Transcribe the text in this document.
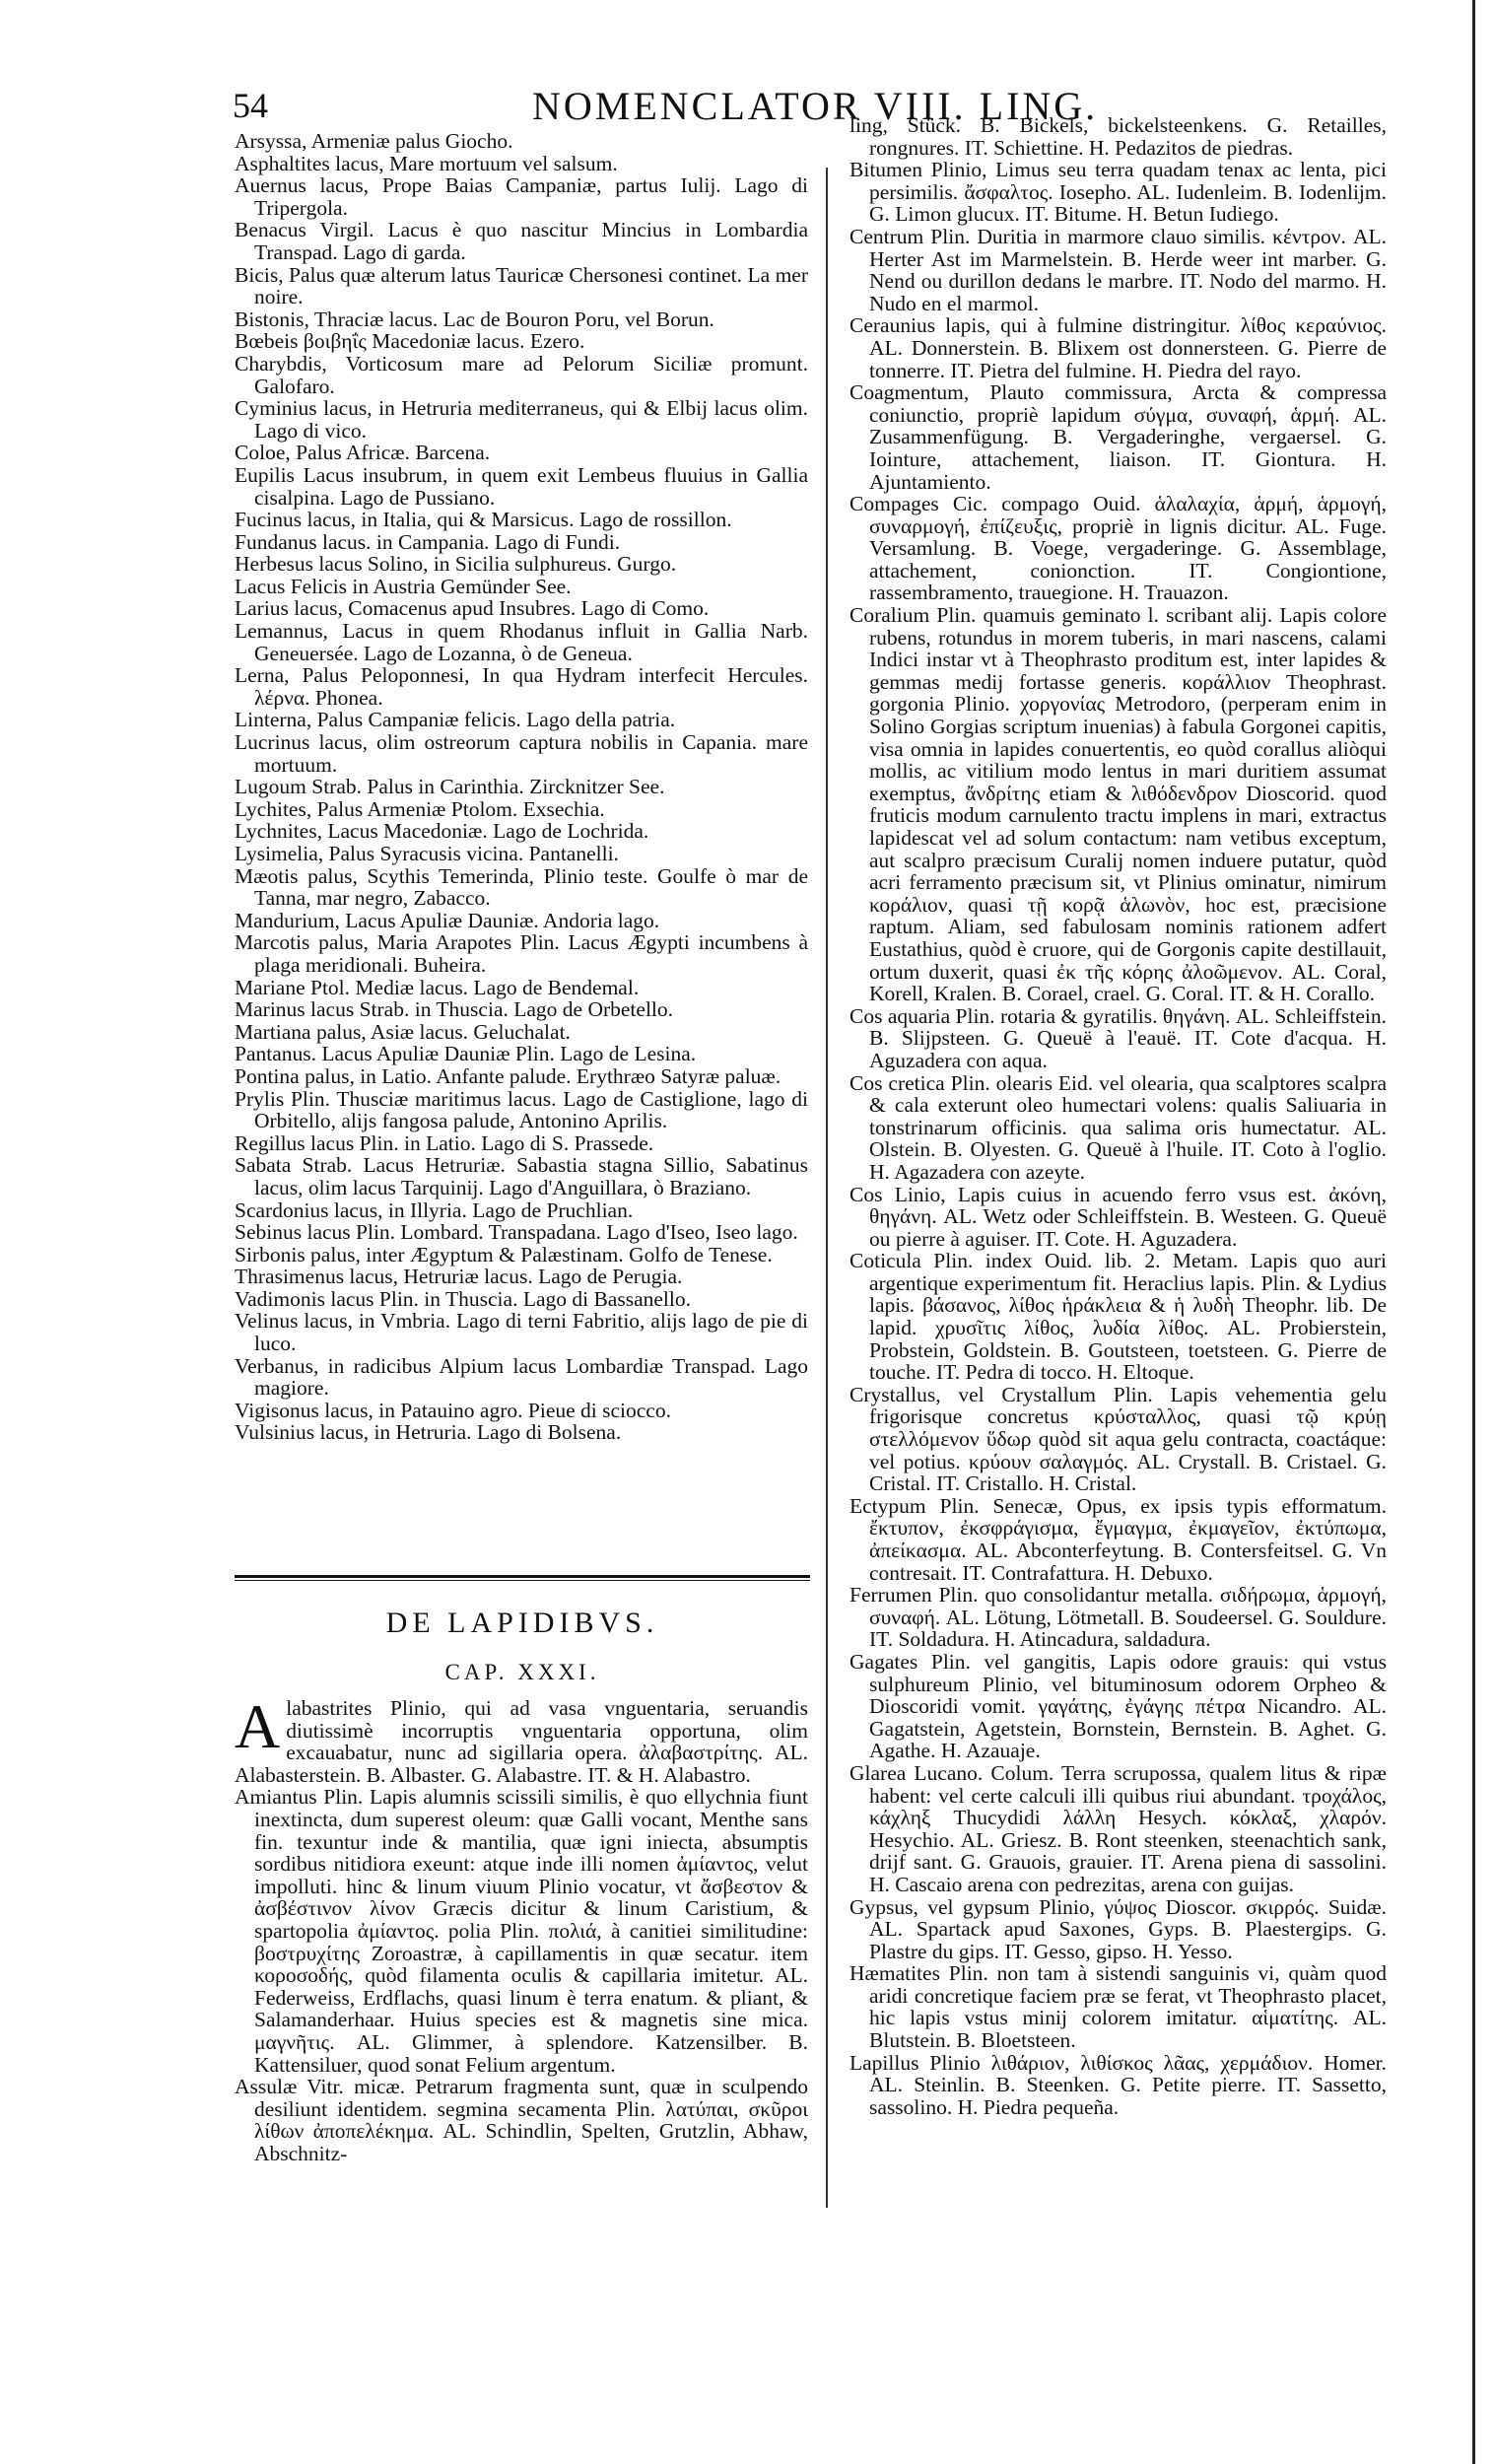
54	NOMENCLATOR VIII. LING.
Arsyssa, Armeniæ palus Giocho.
Asphaltites lacus, Mare mortuum vel salsum.
Auernus lacus, Prope Baias Campaniæ, partus Iulij. Lago di Tripergola.
Benacus Virgil. Lacus è quo nascitur Mincius in Lombardia Transpad. Lago di garda.
Bicis, Palus quæ alterum latus Tauricæ Chersonesi continet. La mer noire.
Bistonis, Thraciæ lacus. Lac de Bouron Poru, vel Borun.
Bœbeis βοιβηΐς Macedoniæ lacus. Ezero.
Charybdis, Vorticosum mare ad Pelorum Siciliæ promunt. Galofaro.
Cyminius lacus, in Hetruria mediterraneus, qui & Elbij lacus olim. Lago di vico.
Coloe, Palus Africæ. Barcena.
Eupilis Lacus insubrum, in quem exit Lembeus fluuius in Gallia cisalpina. Lago de Pussiano.
Fucinus lacus, in Italia, qui & Marsicus. Lago de rossillon.
Fundanus lacus. in Campania. Lago di Fundi.
Herbesus lacus Solino, in Sicilia sulphureus. Gurgo.
Lacus Felicis in Austria Gemünder See.
Larius lacus, Comacenus apud Insubres. Lago di Como.
Lemannus, Lacus in quem Rhodanus influit in Gallia Narb. Geneuersée. Lago de Lozanna, ò de Geneua.
Lerna, Palus Peloponnesi, In qua Hydram interfecit Hercules. λέρνα. Phonea.
Linterna, Palus Campaniæ felicis. Lago della patria.
Lucrinus lacus, olim ostreorum captura nobilis in Capania. mare mortuum.
Lugoum Strab. Palus in Carinthia. Zircknitzer See.
Lychites, Palus Armeniæ Ptolom. Exsechia.
Lychnites, Lacus Macedoniæ. Lago de Lochrida.
Lysimelia, Palus Syracusis vicina. Pantanelli.
Mæotis palus, Scythis Temerinda, Plinio teste. Goulfe ò mar de Tanna, mar negro, Zabacco.
Mandurium, Lacus Apuliæ Dauniæ. Andoria lago.
Marcotis palus, Maria Arapotes Plin. Lacus Ægypti incumbens à plaga meridionali. Buheira.
Mariane Ptol. Mediæ lacus. Lago de Bendemal.
Marinus lacus Strab. in Thuscia. Lago de Orbetello.
Martiana palus, Asiæ lacus. Geluchalat.
Pantanus. Lacus Apuliæ Dauniæ Plin. Lago de Lesina.
Pontina palus, in Latio. Anfante palude. Erythræo Satyræ paluæ.
Prylis Plin. Thusciæ maritimus lacus. Lago de Castiglione, lago di Orbitello, alijs fangosa palude, Antonino Aprilis.
Regillus lacus Plin. in Latio. Lago di S. Prassede.
Sabata Strab. Lacus Hetruriæ. Sabastia stagna Sillio, Sabatinus lacus, olim lacus Tarquinij. Lago d'Anguillara, ò Braziano.
Scardonius lacus, in Illyria. Lago de Pruchlian.
Sebinus lacus Plin. Lombard. Transpadana. Lago d'Iseo, Iseo lago.
Sirbonis palus, inter Ægyptum & Palæstinam. Golfo de Tenese.
Thrasimenus lacus, Hetruriæ lacus. Lago de Perugia.
Vadimonis lacus Plin. in Thuscia. Lago di Bassanello.
Velinus lacus, in Vmbria. Lago di terni Fabritio, alijs lago de pie di luco.
Verbanus, in radicibus Alpium lacus Lombardiæ Transpad. Lago magiore.
Vigisonus lacus, in Patauino agro. Pieue di sciocco.
Vulsinius lacus, in Hetruria. Lago di Bolsena.
DE LAPIDIBVS.
CAP. XXXI.
Alabastrites Plinio, qui ad vasa vnguentaria, seruandis diutissimè incorruptis vnguentaria opportuna, olim excauabatur, nunc ad sigillaria opera. ἀλαβαστρίτης. AL. Alabasterstein. B. Albaster. G. Alabastre. IT. & H. Alabastro.
Amiantus Plin. Lapis alumnis scissili similis, è quo ellychnia fiunt inextincta, dum superest oleum: quæ Galli vocant, Menthe sans fin. texuntur inde & mantilia, quæ igni iniecta, absumptis sordibus nitidiora exeunt: atque inde illi nomen ἀμίαντος, velut impolluti. hinc & linum viuum Plinio vocatur, vt ἄσβεστον & ἀσβέστινον λίνον Græcis dicitur & linum Caristium, & spartopolia ἀμίαντος. polia Plin. πολιά, à canitiei similitudine: βοστρυχίτης Zoroastræ, à capillamentis in quæ secatur. item κοροσοδής, quòd filamenta oculis & capillaria imitetur. AL. Federweiss, Erdflachs, quasi linum è terra enatum. & pliant, & Salamanderhaar. Huius species est & magnetis sine mica. μαγνῆτις. AL. Glimmer, à splendore. Katzensilber. B. Kattensiluer, quod sonat Felium argentum.
Assulæ Vitr. micæ. Petrarum fragmenta sunt, quæ in sculpendo desiliunt identidem. segmina secamenta Plin. λατύπαι, σκῦροι λίθων ἀποπελέκημα. AL. Schindlin, Spelten, Grutzlin, Abhaw, Abschnitz-
ling, Stück. B. Bickels, bickelsteenkens. G. Retailles, rongnures. IT. Schiettine. H. Pedazitos de piedras.
Bitumen Plinio, Limus seu terra quadam tenax ac lenta, pici persimilis. ἄσφαλτος. Iosepho. AL. Iudenleim. B. Iodenlijm. G. Limon glucux. IT. Bitume. H. Betun Iudiego.
Centrum Plin. Duritia in marmore clauo similis. κέντρον. AL. Herter Ast im Marmelstein. B. Herde weer int marber. G. Nend ou durillon dedans le marbre. IT. Nodo del marmo. H. Nudo en el marmol.
Ceraunius lapis, qui à fulmine distringitur. λίθος κεραύνιος. AL. Donnerstein. B. Blixem ost donnersteen. G. Pierre de tonnerre. IT. Pietra del fulmine. H. Piedra del rayo.
Coagmentum, Plauto commissura, Arcta & compressa coniunctio, propriè lapidum σύγμα, συναφή, ἁρμή. AL. Zusammenfügung. B. Vergaderinghe, vergaersel. G. Iointure, attachement, liaison. IT. Giontura. H. Ajuntamiento.
Compages Cic. compago Ouid. ἁλαλαχία, ἁρμή, ἁρμογή, συναρμογή, ἐπίζευξις, propriè in lignis dicitur. AL. Fuge. Versamlung. B. Voege, vergaderinge. G. Assemblage, attachement, conionction. IT. Congiontione, rassembramento, trauegione. H. Trauazon.
Coralium Plin. quamuis geminato l. scribant alij. Lapis colore rubens, rotundus in morem tuberis, in mari nascens, calami Indici instar vt à Theophrasto proditum est, inter lapides & gemmas medij fortasse generis. κοράλλιον Theophrast. gorgonia Plinio. χοργονίας Metrodoro, (perperam enim in Solino Gorgias scriptum inuenias) à fabula Gorgonei capitis, visa omnia in lapides conuertentis, eo quòd corallus aliòqui mollis, ac vitilium modo lentus in mari duritiem assumat exemptus, ἄνδρίτης etiam & λιθόδενδρον Dioscorid. quod fruticis modum carnulento tractu implens in mari, extractus lapidescat vel ad solum contactum: nam vetibus exceptum, aut scalpro præcisum Curalij nomen induere putatur, quòd acri ferramento præcisum sit, vt Plinius ominatur, nimirum κοράλιον, quasi τῇ κορᾷ ἁλωνὸν, hoc est, præcisione raptum. Aliam, sed fabulosam nominis rationem adfert Eustathius, quòd è cruore, qui de Gorgonis capite destillauit, ortum duxerit, quasi ἐκ τῆς κόρης ἀλοῶμενον. AL. Coral, Korell, Kralen. B. Corael, crael. G. Coral. IT. & H. Corallo.
Cos aquaria Plin. rotaria & gyratilis. θηγάνη. AL. Schleiffstein. B. Slijpsteen. G. Queuë à l'eauë. IT. Cote d'acqua. H. Aguzadera con aqua.
Cos cretica Plin. olearis Eid. vel olearia, qua scalptores scalpra & cala exterunt oleo humectari volens: qualis Saliuaria in tonstrinarum officinis. qua salima oris humectatur. AL. Olstein. B. Olyesten. G. Queuë à l'huile. IT. Coto à l'oglio. H. Agazadera con azeyte.
Cos Linio, Lapis cuius in acuendo ferro vsus est. ἀκόνη, θηγάνη. AL. Wetz oder Schleiffstein. B. Westeen. G. Queuë ou pierre à aguiser. IT. Cote. H. Aguzadera.
Coticula Plin. index Ouid. lib. 2. Metam. Lapis quo auri argentique experimentum fit. Heraclius lapis. Plin. & Lydius lapis. βάσανος, λίθος ἡράκλεια & ἡ λυδὴ Theophr. lib. De lapid. χρυσῖτις λίθος, λυδία λίθος. AL. Probierstein, Probstein, Goldstein. B. Goutsteen, toetsteen. G. Pierre de touche. IT. Pedra di tocco. H. Eltoque.
Crystallus, vel Crystallum Plin. Lapis vehementia gelu frigorisque concretus κρύσταλλος, quasi τῷ κρύῃ στελλόμενον ὕδωρ quòd sit aqua gelu contracta, coactáque: vel potius. κρύουν σαλαγμός. AL. Crystall. B. Cristael. G. Cristal. IT. Cristallo. H. Cristal.
Ectypum Plin. Senecæ, Opus, ex ipsis typis efformatum. ἔκτυπον, ἐκσφράγισμα, ἔγμαγμα, ἐκμαγεῖον, ἐκτύπωμα, ἀπείκασμα. AL. Abconterfeytung. B. Contersfeitsel. G. Vn contresait. IT. Contrafattura. H. Debuxo.
Ferrumen Plin. quo consolidantur metalla. σιδήρωμα, ἁρμογή, συναφή. AL. Lötung, Lötmetall. B. Soudeersel. G. Souldure. IT. Soldadura. H. Atincadura, saldadura.
Gagates Plin. vel gangitis, Lapis odore grauis: qui vstus sulphureum Plinio, vel bituminosum odorem Orpheo & Dioscoridi vomit. γαγάτης, ἐγάγης πέτρα Nicandro. AL. Gagatstein, Agetstein, Bornstein, Bernstein. B. Aghet. G. Agathe. H. Azauaje.
Glarea Lucano. Colum. Terra scrupossa, qualem litus & ripæ habent: vel certe calculi illi quibus riui abundant. τροχάλος, κάχληξ Thucydidi λάλλη Hesych. κόκλαξ, χλαρόν. Hesychio. AL. Griesz. B. Ront steenken, steenachtich sank, drijf sant. G. Grauois, grauier. IT. Arena piena di sassolini. H. Cascaio arena con pedrezitas, arena con guijas.
Gypsus, vel gypsum Plinio, γύψος Dioscor. σκιρρός. Suidæ. AL. Spartack apud Saxones, Gyps. B. Plaestergips. G. Plastre du gips. IT. Gesso, gipso. H. Yesso.
Hæmatites Plin. non tam à sistendi sanguinis vi, quàm quod aridi concretique faciem præ se ferat, vt Theophrasto placet, hic lapis vstus minij colorem imitatur. αἱματίτης. AL. Blutstein. B. Bloetsteen.
Lapillus Plinio λιθάριον, λιθίσκος λᾶας, χερμάδιον. Homer. AL. Steinlin. B. Steenken. G. Petite pierre. IT. Sassetto, sassolino. H. Piedra pequeña.
